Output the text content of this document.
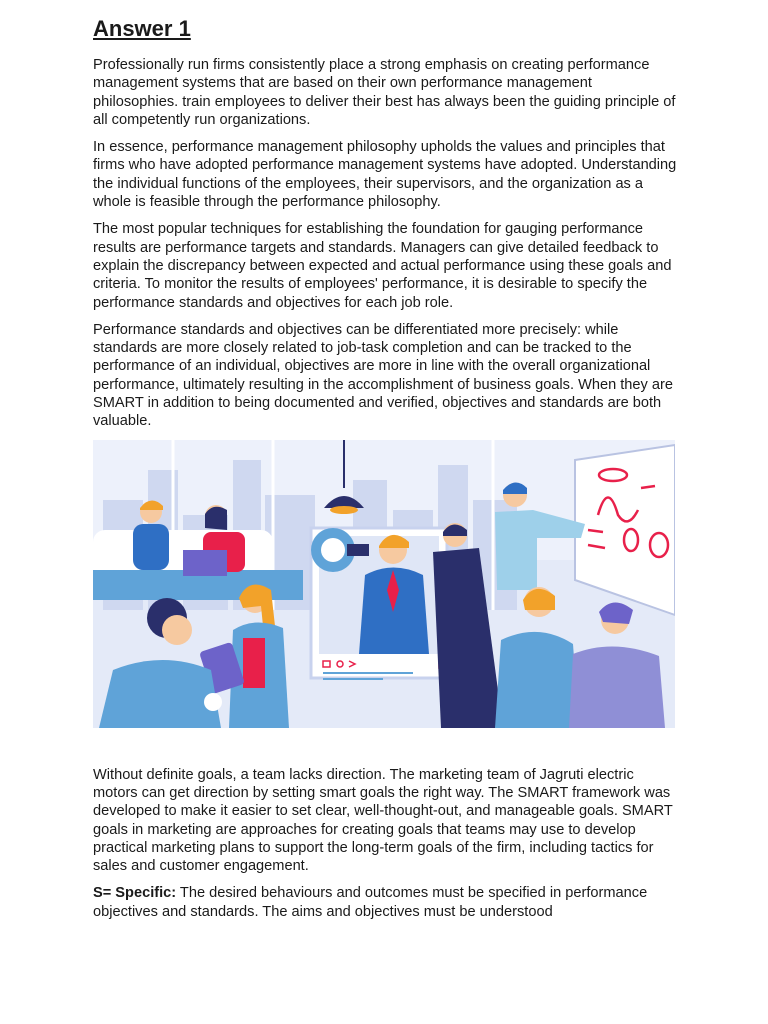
Answer 1

Professionally run firms consistently place a strong emphasis on creating performance management systems that are based on their own performance management philosophies. train employees to deliver their best has always been the guiding principle of all competently run organizations.

In essence, performance management philosophy upholds the values and principles that firms who have adopted performance management systems have adopted. Understanding the individual functions of the employees, their supervisors, and the organization as a whole is feasible through the performance philosophy.

The most popular techniques for establishing the foundation for gauging performance results are performance targets and standards. Managers can give detailed feedback to explain the discrepancy between expected and actual performance using these goals and criteria. To monitor the results of employees' performance, it is desirable to specify the performance standards and objectives for each job role.

Performance standards and objectives can be differentiated more precisely: while standards are more closely related to job-task completion and can be tracked to the performance of an individual, objectives are more in line with the overall organizational performance, ultimately resulting in the accomplishment of business goals. When they are SMART in addition to being documented and verified, objectives and standards are both valuable.

Without definite goals, a team lacks direction. The marketing team of Jagruti electric motors can get direction by setting smart goals the right way. The SMART framework was developed to make it easier to set clear, well-thought-out, and manageable goals. SMART goals in marketing are approaches for creating goals that teams may use to develop practical marketing plans to support the long-term goals of the firm, including tactics for sales and customer engagement.

S= Specific: The desired behaviours and outcomes must be specified in performance objectives and standards. The aims and objectives must be understood
